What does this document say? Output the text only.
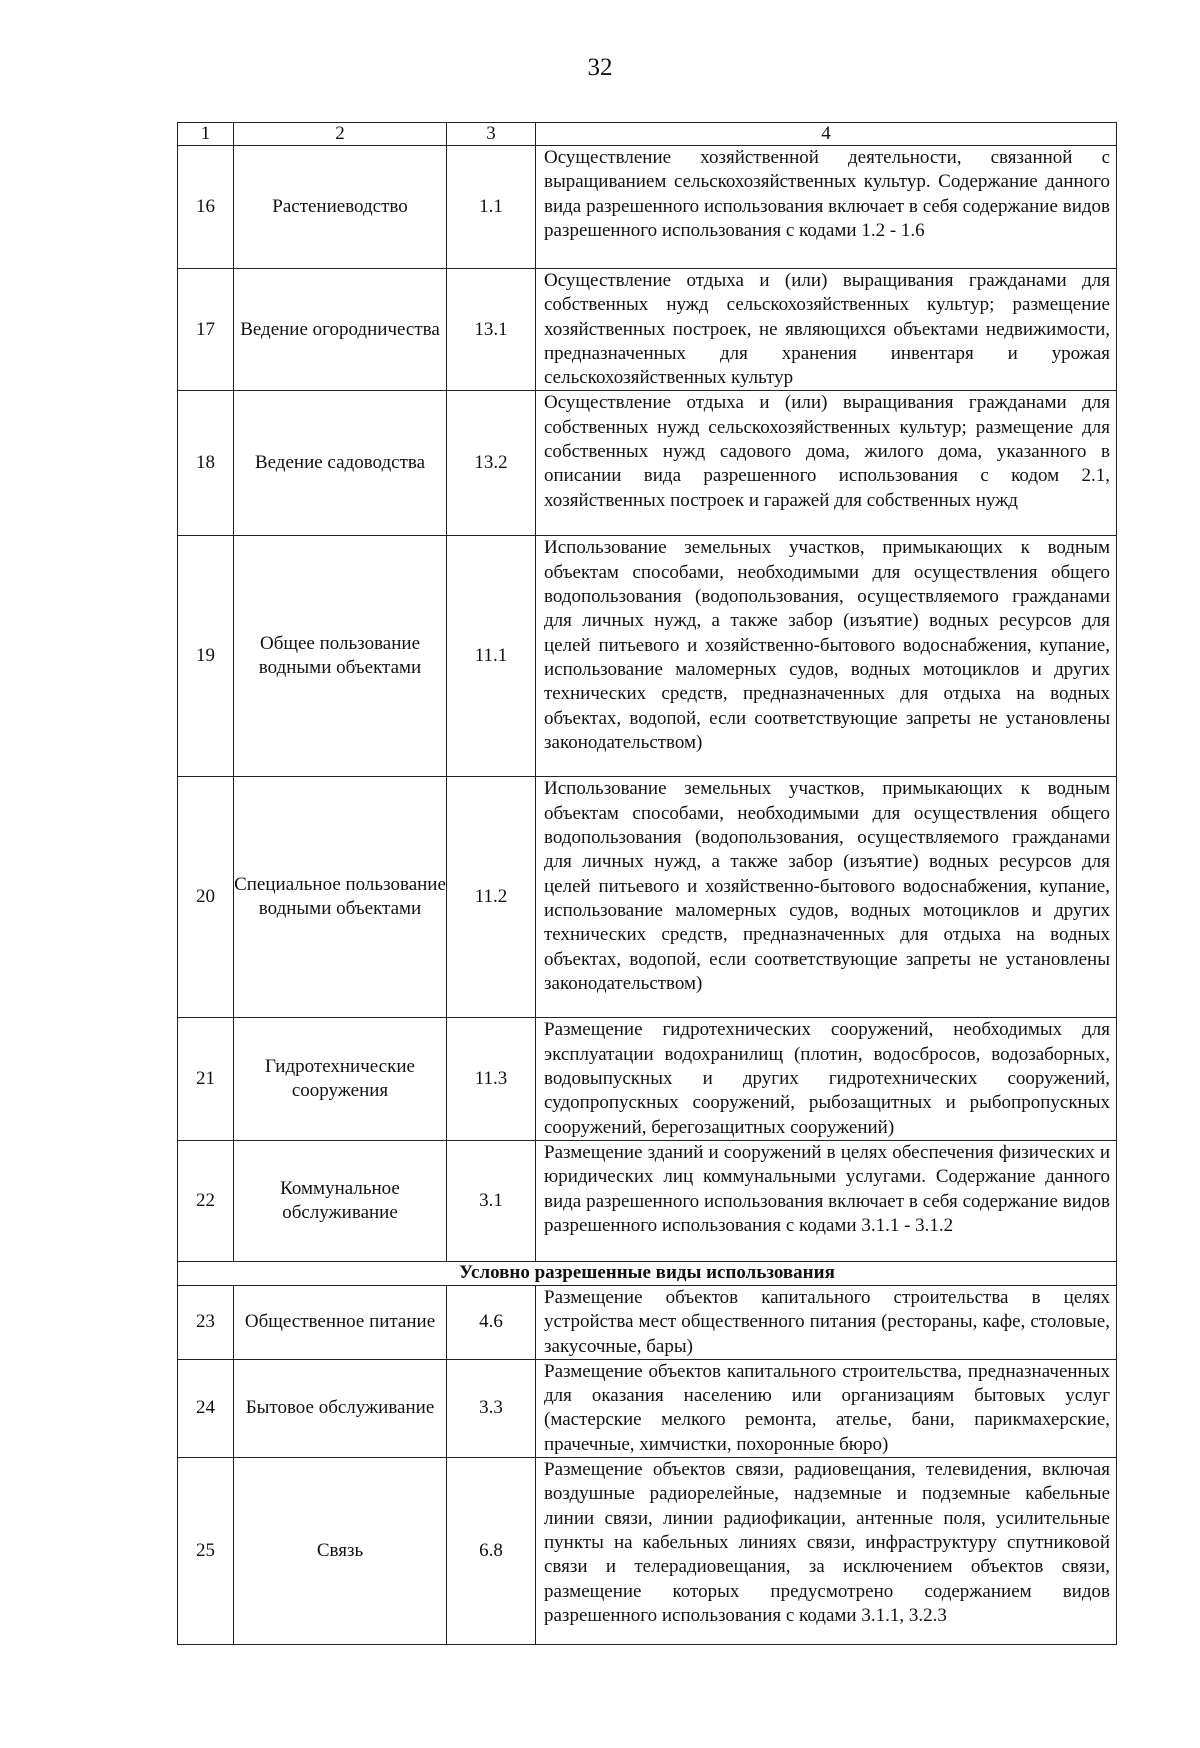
32
1	2	3	4
16	Растениеводство	1.1	Осуществление хозяйственной деятельности, связанной с выращиванием сельскохозяйственных культур. Содержание данного вида разрешенного использования включает в себя содержание видов разрешенного использования с кодами 1.2 - 1.6
17	Ведение огородничества	13.1	Осуществление отдыха и (или) выращивания гражданами для собственных нужд сельскохозяйственных культур; размещение хозяйственных построек, не являющихся объектами недвижимости, предназначенных для хранения инвентаря и урожая сельскохозяйственных культур
18	Ведение садоводства	13.2	Осуществление отдыха и (или) выращивания гражданами для собственных нужд сельскохозяйственных культур; размещение для собственных нужд садового дома, жилого дома, указанного в описании вида разрешенного использования с кодом 2.1, хозяйственных построек и гаражей для собственных нужд
19	Общее пользование водными объектами	11.1	Использование земельных участков, примыкающих к водным объектам способами, необходимыми для осуществления общего водопользования (водопользования, осуществляемого гражданами для личных нужд, а также забор (изъятие) водных ресурсов для целей питьевого и хозяйственно-бытового водоснабжения, купание, использование маломерных судов, водных мотоциклов и других технических средств, предназначенных для отдыха на водных объектах, водопой, если соответствующие запреты не установлены законодательством)
20	Специальное пользование водными объектами	11.2	Использование земельных участков, примыкающих к водным объектам способами, необходимыми для осуществления общего водопользования (водопользования, осуществляемого гражданами для личных нужд, а также забор (изъятие) водных ресурсов для целей питьевого и хозяйственно-бытового водоснабжения, купание, использование маломерных судов, водных мотоциклов и других технических средств, предназначенных для отдыха на водных объектах, водопой, если соответствующие запреты не установлены законодательством)
21	Гидротехнические сооружения	11.3	Размещение гидротехнических сооружений, необходимых для эксплуатации водохранилищ (плотин, водосбросов, водозаборных, водовыпускных и других гидротехнических сооружений, судопропускных сооружений, рыбозащитных и рыбопропускных сооружений, берегозащитных сооружений)
22	Коммунальное обслуживание	3.1	Размещение зданий и сооружений в целях обеспечения физических и юридических лиц коммунальными услугами. Содержание данного вида разрешенного использования включает в себя содержание видов разрешенного использования с кодами 3.1.1 - 3.1.2
Условно разрешенные виды использования			
23	Общественное питание	4.6	Размещение объектов капитального строительства в целях устройства мест общественного питания (рестораны, кафе, столовые, закусочные, бары)
24	Бытовое обслуживание	3.3	Размещение объектов капитального строительства, предназначенных для оказания населению или организациям бытовых услуг (мастерские мелкого ремонта, ателье, бани, парикмахерские, прачечные, химчистки, похоронные бюро)
25	Связь	6.8	Размещение объектов связи, радиовещания, телевидения, включая воздушные радиорелейные, надземные и подземные кабельные линии связи, линии радиофикации, антенные поля, усилительные пункты на кабельных линиях связи, инфраструктуру спутниковой связи и телерадиовещания, за исключением объектов связи, размещение которых предусмотрено содержанием видов разрешенного использования с кодами 3.1.1, 3.2.3
